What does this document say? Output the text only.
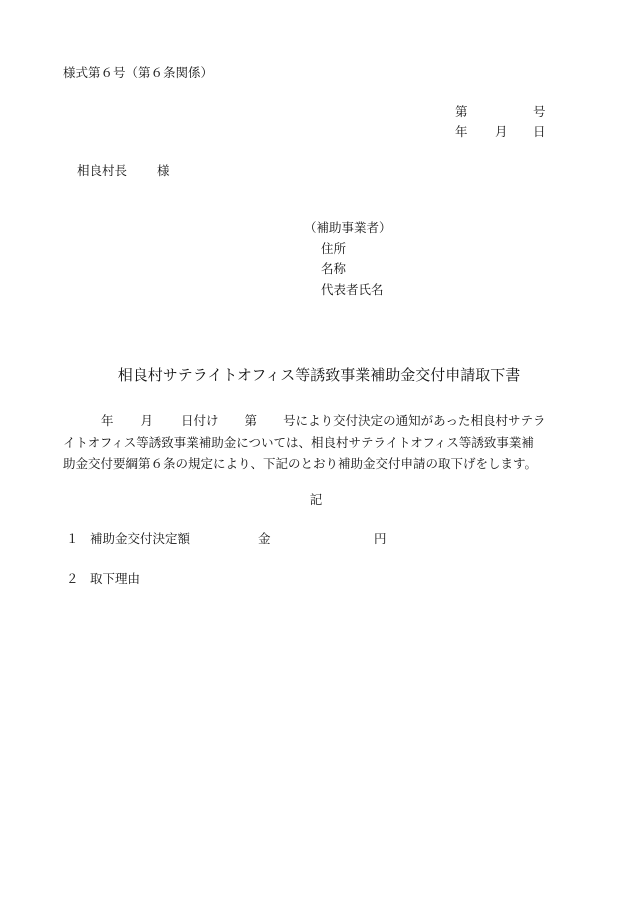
様式第６号（第６条関係）
第	号
年 月 日
相良村長 様
（補助事業者）
住所
名称
代表者氏名
相良村サテライトオフィス等誘致事業補助金交付申請取下書
年 月 日付け 第 号により交付決定の通知があった相良村サテラ
イトオフィス等誘致事業補助金については、相良村サテライトオフィス等誘致事業補
助金交付要綱第６条の規定により、下記のとおり補助金交付申請の取下げをします。
記
１ 補助金交付決定額	金	円
２ 取下理由
